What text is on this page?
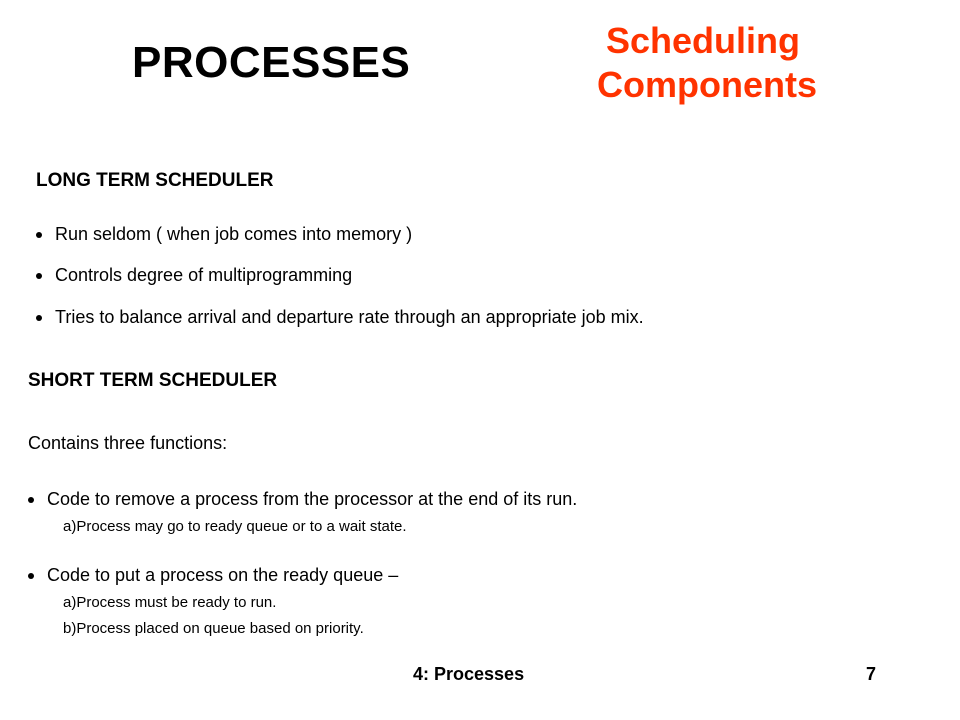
PROCESSES	Scheduling
Components
LONG TERM SCHEDULER
Run seldom ( when job comes into memory )
Controls degree of multiprogramming
Tries to balance arrival and departure rate through an appropriate job mix.
SHORT TERM SCHEDULER
Contains three functions:
Code to remove a process from the processor at the end of its run.
a)Process may go to ready queue or to a wait state.
Code to put a process on the ready queue –
a)Process must be ready to run.
b)Process placed on queue based on priority.
4: Processes	7
